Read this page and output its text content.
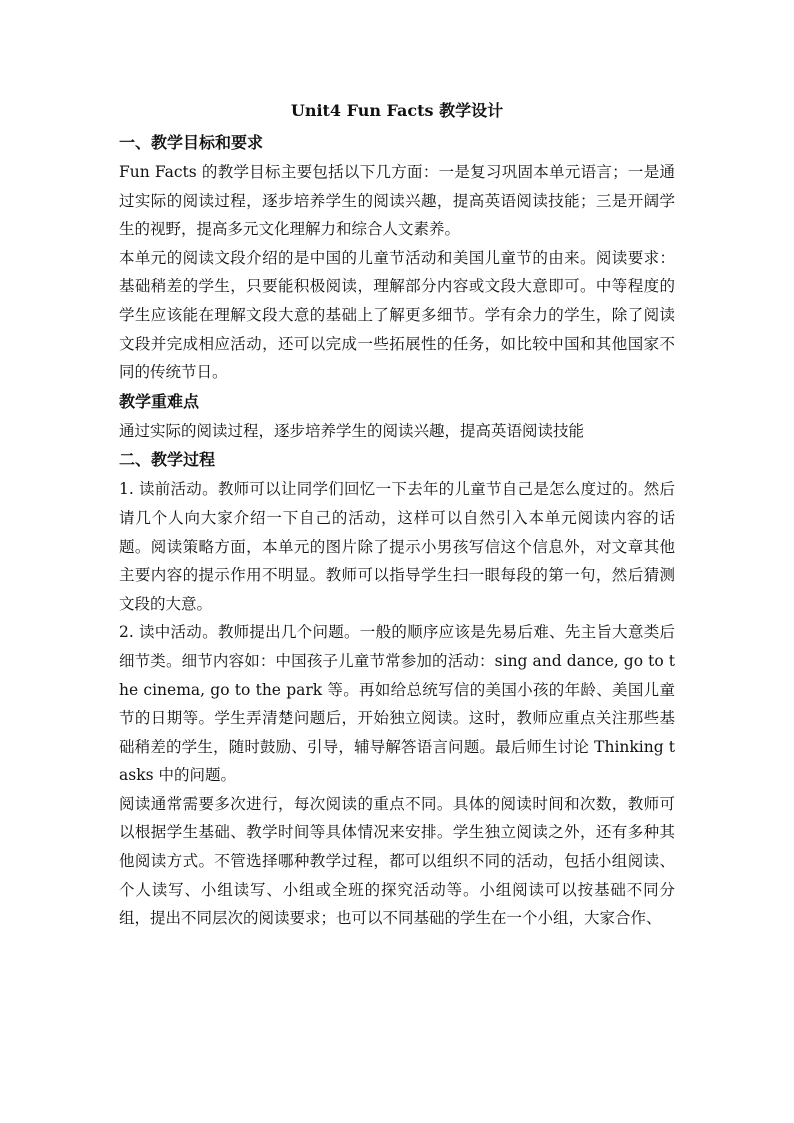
Unit4 Fun Facts 教学设计
一、教学目标和要求

Fun Facts 的教学目标主要包括以下几方面：一是复习巩固本单元语言；一是通过实际的阅读过程，逐步培养学生的阅读兴趣，提高英语阅读技能；三是开阔学生的视野，提高多元文化理解力和综合人文素养。

本单元的阅读文段介绍的是中国的儿童节活动和美国儿童节的由来。阅读要求：基础稍差的学生，只要能积极阅读，理解部分内容或文段大意即可。中等程度的学生应该能在理解文段大意的基础上了解更多细节。学有余力的学生，除了阅读文段并完成相应活动，还可以完成一些拓展性的任务，如比较中国和其他国家不同的传统节日。

教学重难点

通过实际的阅读过程，逐步培养学生的阅读兴趣，提高英语阅读技能

二、教学过程

1. 读前活动。教师可以让同学们回忆一下去年的儿童节自己是怎么度过的。然后请几个人向大家介绍一下自己的活动，这样可以自然引入本单元阅读内容的话题。阅读策略方面，本单元的图片除了提示小男孩写信这个信息外，对文章其他主要内容的提示作用不明显。教师可以指导学生扫一眼每段的第一句，然后猜测文段的大意。

2. 读中活动。教师提出几个问题。一般的顺序应该是先易后难、先主旨大意类后细节类。细节内容如：中国孩子儿童节常参加的活动：sing and dance, go to the cinema, go to the park 等。再如给总统写信的美国小孩的年龄、美国儿童节的日期等。学生弄清楚问题后，开始独立阅读。这时，教师应重点关注那些基础稍差的学生，随时鼓励、引导，辅导解答语言问题。最后师生讨论 Thinking tasks 中的问题。

阅读通常需要多次进行，每次阅读的重点不同。具体的阅读时间和次数，教师可以根据学生基础、教学时间等具体情况来安排。学生独立阅读之外，还有多种其他阅读方式。不管选择哪种教学过程，都可以组织不同的活动，包括小组阅读、个人读写、小组读写、小组或全班的探究活动等。小组阅读可以按基础不同分组，提出不同层次的阅读要求；也可以不同基础的学生在一个小组，大家合作、
